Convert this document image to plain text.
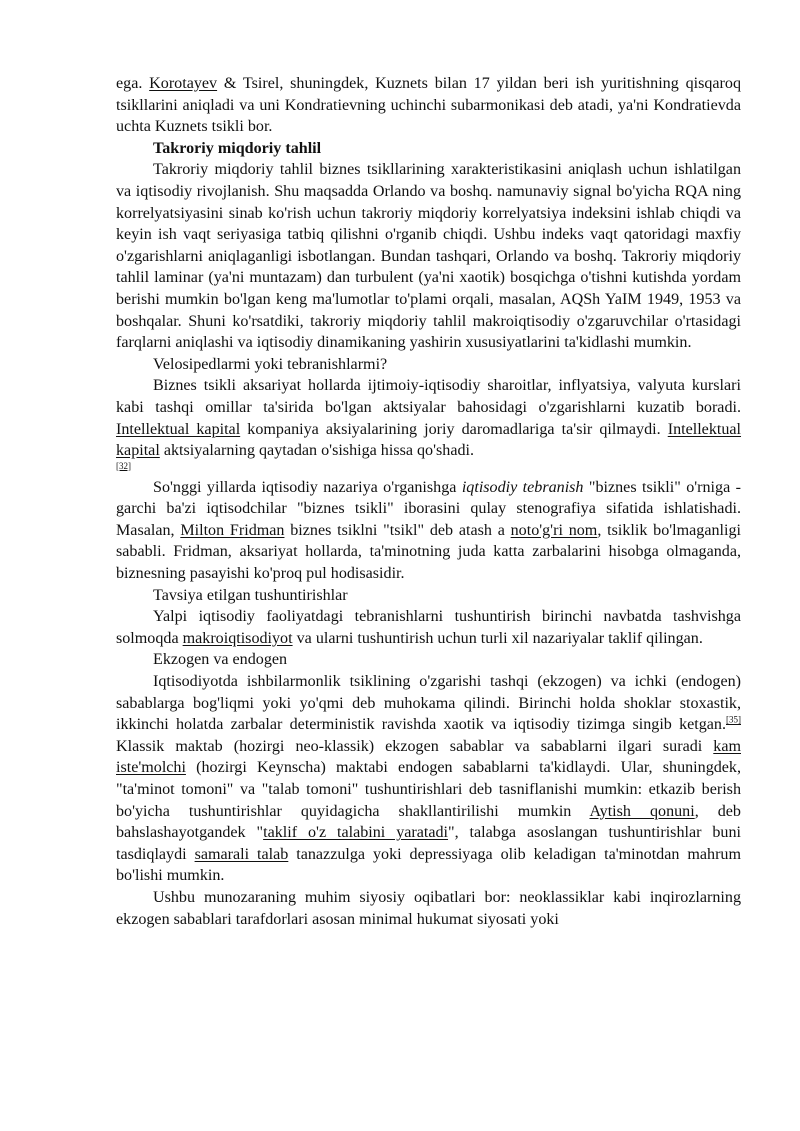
ega. Korotayev & Tsirel, shuningdek, Kuznets bilan 17 yildan beri ish yuritishning qisqaroq tsikllarini aniqladi va uni Kondratievning uchinchi subarmonikasi deb atadi, ya'ni Kondratievda uchta Kuznets tsikli bor.

Takroriy miqdoriy tahlil

Takroriy miqdoriy tahlil biznes tsikllarining xarakteristikasini aniqlash uchun ishlatilgan va iqtisodiy rivojlanish. Shu maqsadda Orlando va boshq. namunaviy signal bo'yicha RQA ning korrelyatsiyasini sinab ko'rish uchun takroriy miqdoriy korrelyatsiya indeksini ishlab chiqdi va keyin ish vaqt seriyasiga tatbiq qilishni o'rganib chiqdi. Ushbu indeks vaqt qatoridagi maxfiy o'zgarishlarni aniqlaganligi isbotlangan. Bundan tashqari, Orlando va boshq. Takroriy miqdoriy tahlil laminar (ya'ni muntazam) dan turbulent (ya'ni xaotik) bosqichga o'tishni kutishda yordam berishi mumkin bo'lgan keng ma'lumotlar to'plami orqali, masalan, AQSh YaIM 1949, 1953 va boshqalar. Shuni ko'rsatdiki, takroriy miqdoriy tahlil makroiqtisodiy o'zgaruvchilar o'rtasidagi farqlarni aniqlashi va iqtisodiy dinamikaning yashirin xususiyatlarini ta'kidlashi mumkin.

Velosipedlarmi yoki tebranishlarmi?

Biznes tsikli aksariyat hollarda ijtimoiy-iqtisodiy sharoitlar, inflyatsiya, valyuta kurslari kabi tashqi omillar ta'sirida bo'lgan aktsiyalar bahosidagi o'zgarishlarni kuzatib boradi. Intellektual kapital kompaniya aksiyalarining joriy daromadlariga ta'sir qilmaydi. Intellektual kapital aktsiyalarning qaytadan o'sishiga hissa qo'shadi.
[32]

So'nggi yillarda iqtisodiy nazariya o'rganishga iqtisodiy tebranish "biznes tsikli" o'rniga - garchi ba'zi iqtisodchilar "biznes tsikli" iborasini qulay stenografiya sifatida ishlatishadi. Masalan, Milton Fridman biznes tsiklni "tsikl" deb atash a noto'g'ri nom, tsiklik bo'lmaganligi sababli. Fridman, aksariyat hollarda, ta'minotning juda katta zarbalarini hisobga olmaganda, biznesning pasayishi ko'proq pul hodisasidir.

Tavsiya etilgan tushuntirishlar

Yalpi iqtisodiy faoliyatdagi tebranishlarni tushuntirish birinchi navbatda tashvishga solmoqda makroiqtisodiyot va ularni tushuntirish uchun turli xil nazariyalar taklif qilingan.

Ekzogen va endogen

Iqtisodiyotda ishbilarmonlik tsiklining o'zgarishi tashqi (ekzogen) va ichki (endogen) sabablarga bog'liqmi yoki yo'qmi deb muhokama qilindi. Birinchi holda shoklar stoxastik, ikkinchi holatda zarbalar deterministik ravishda xaotik va iqtisodiy tizimga singib ketgan.[35] Klassik maktab (hozirgi neo-klassik) ekzogen sabablar va sabablarni ilgari suradi kam iste'molchi (hozirgi Keynscha) maktabi endogen sabablarni ta'kidlaydi. Ular, shuningdek, "ta'minot tomoni" va "talab tomoni" tushuntirishlari deb tasniflanishi mumkin: etkazib berish bo'yicha tushuntirishlar quyidagicha shakllantirilishi mumkin Aytish qonuni, deb bahslashayotgandek "taklif o'z talabini yaratadi", talabga asoslangan tushuntirishlar buni tasdiqlaydi samarali talab tanazzulga yoki depressiyaga olib keladigan ta'minotdan mahrum bo'lishi mumkin.

Ushbu munozaraning muhim siyosiy oqibatlari bor: neoklassiklar kabi inqirozlarning ekzogen sabablari tarafdorlari asosan minimal hukumat siyosati yoki
